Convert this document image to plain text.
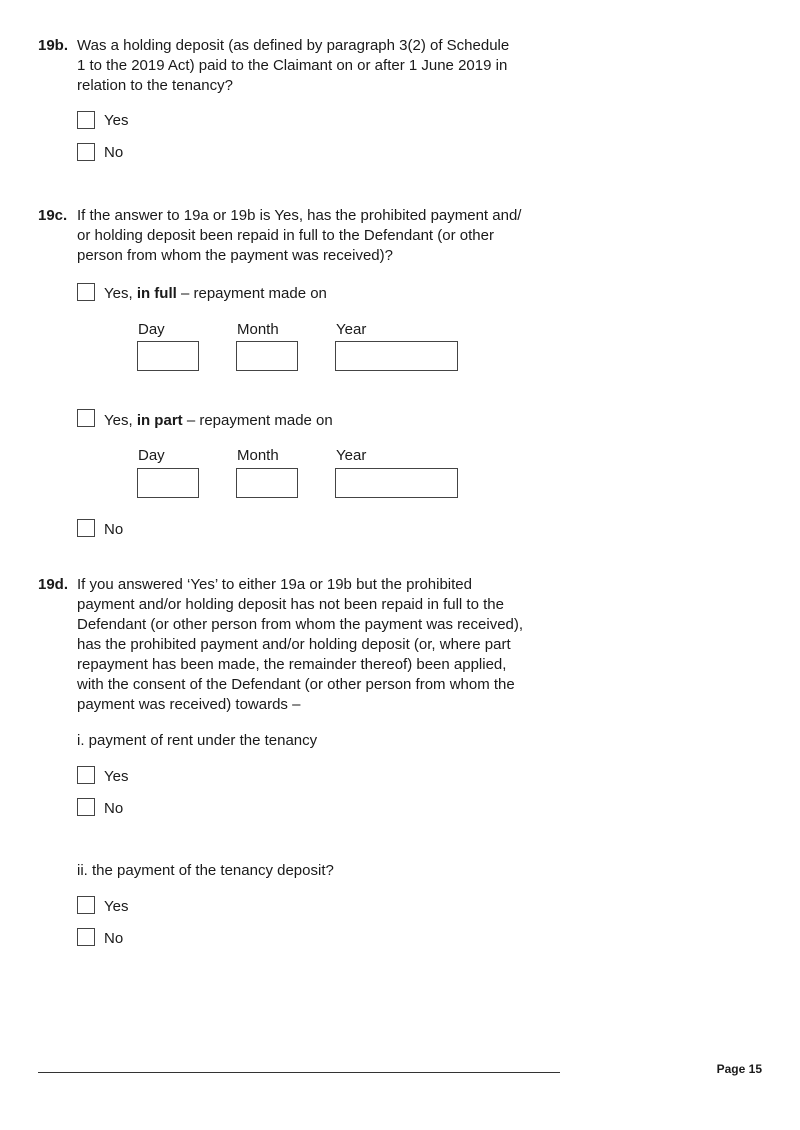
19b. Was a holding deposit (as defined by paragraph 3(2) of Schedule
1 to the 2019 Act) paid to the Claimant on or after 1 June 2019 in
relation to the tenancy?
Yes
No
19c. If the answer to 19a or 19b is Yes, has the prohibited payment and/
or holding deposit been repaid in full to the Defendant (or other
person from whom the payment was received)?
Yes, in full – repayment made on
Day	Month	Year
Yes, in part – repayment made on
Day	Month	Year
No
19d. If you answered ‘Yes’ to either 19a or 19b but the prohibited
payment and/or holding deposit has not been repaid in full to the
Defendant (or other person from whom the payment was received),
has the prohibited payment and/or holding deposit (or, where part
repayment has been made, the remainder thereof) been applied,
with the consent of the Defendant (or other person from whom the
payment was received) towards –
i. payment of rent under the tenancy
Yes
No
ii. the payment of the tenancy deposit?
Yes
No
Page 15
